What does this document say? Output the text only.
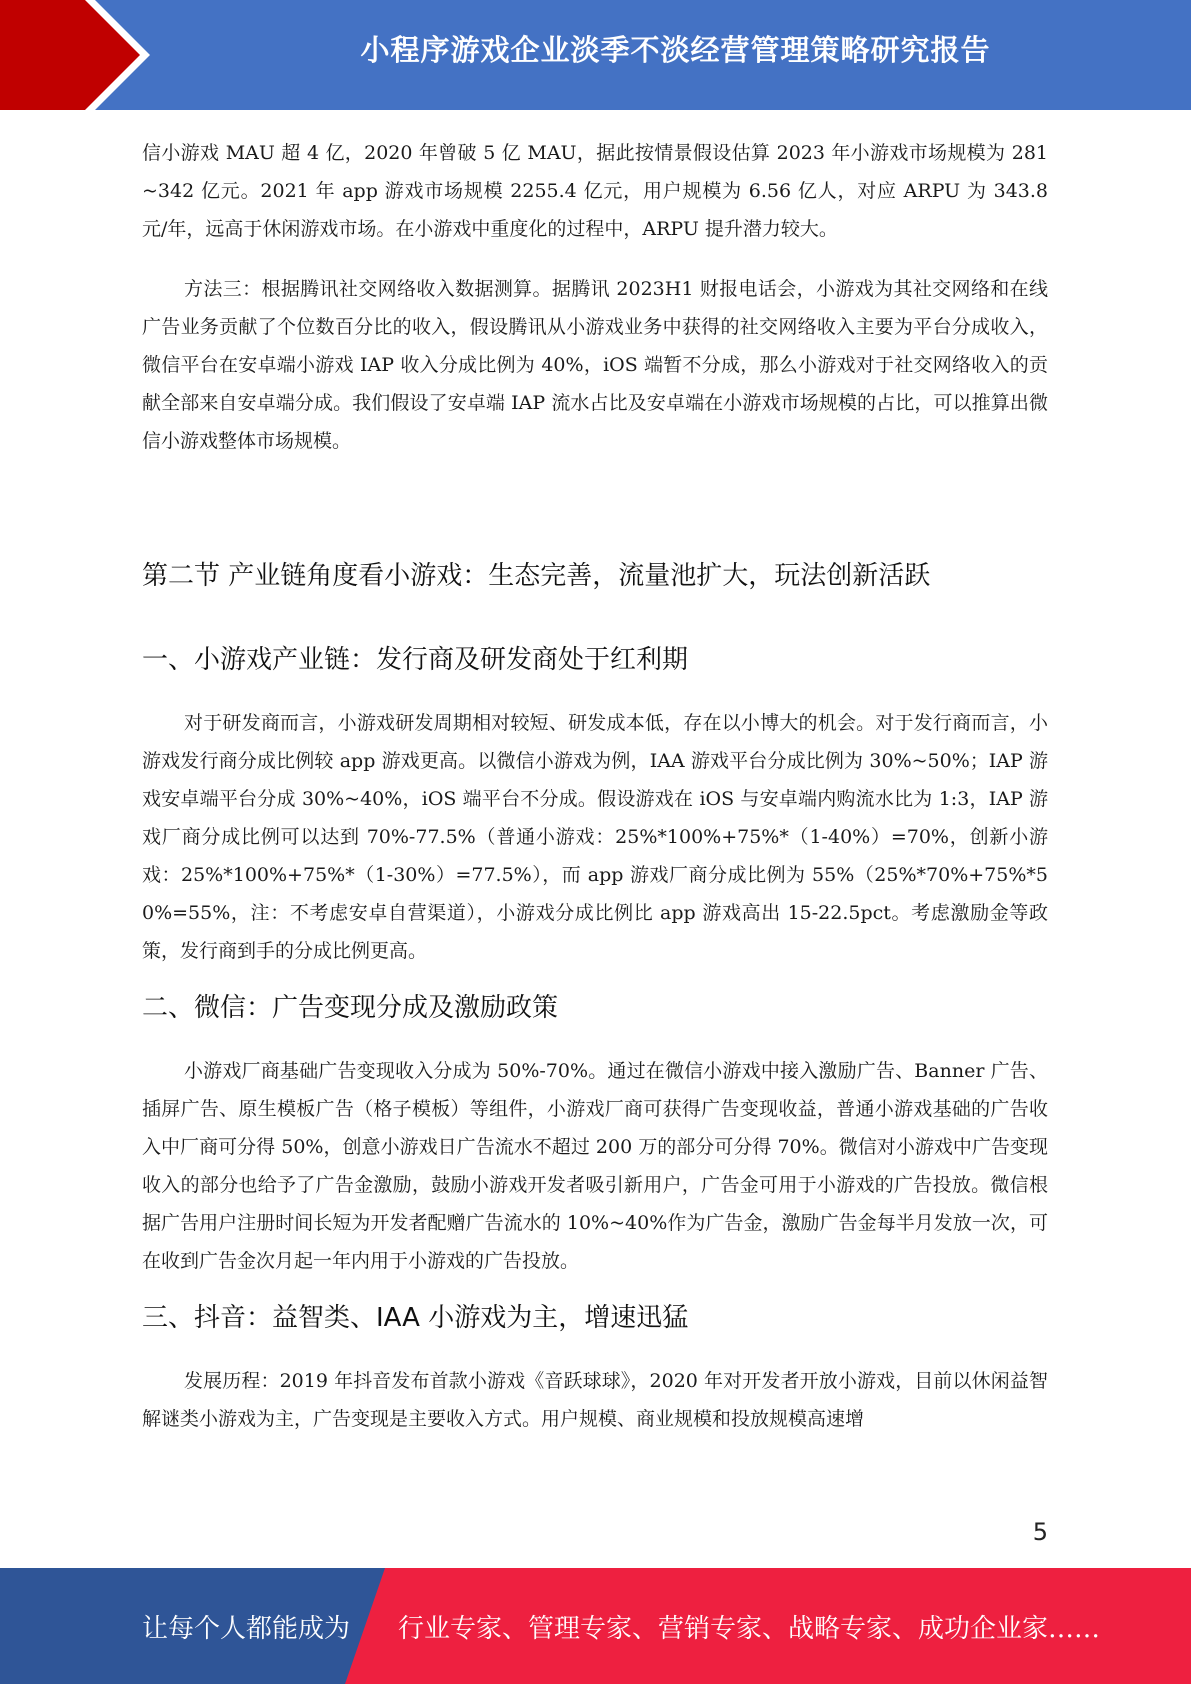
小程序游戏企业淡季不淡经营管理策略研究报告

信小游戏 MAU 超 4 亿，2020 年曾破 5 亿 MAU，据此按情景假设估算 2023 年小游戏市场规模为 281~342 亿元。2021 年 app 游戏市场规模 2255.4 亿元，用户规模为 6.56 亿人，对应 ARPU 为 343.8 元/年，远高于休闲游戏市场。在小游戏中重度化的过程中，ARPU 提升潜力较大。

方法三：根据腾讯社交网络收入数据测算。据腾讯 2023H1 财报电话会，小游戏为其社交网络和在线广告业务贡献了个位数百分比的收入，假设腾讯从小游戏业务中获得的社交网络收入主要为平台分成收入，微信平台在安卓端小游戏 IAP 收入分成比例为 40%，iOS 端暂不分成，那么小游戏对于社交网络收入的贡献全部来自安卓端分成。我们假设了安卓端 IAP 流水占比及安卓端在小游戏市场规模的占比，可以推算出微信小游戏整体市场规模。

第二节 产业链角度看小游戏：生态完善，流量池扩大，玩法创新活跃
一、小游戏产业链：发行商及研发商处于红利期

对于研发商而言，小游戏研发周期相对较短、研发成本低，存在以小博大的机会。对于发行商而言，小游戏发行商分成比例较 app 游戏更高。以微信小游戏为例，IAA 游戏平台分成比例为 30%~50%；IAP 游戏安卓端平台分成 30%~40%，iOS 端平台不分成。假设游戏在 iOS 与安卓端内购流水比为 1:3，IAP 游戏厂商分成比例可以达到 70%-77.5%（普通小游戏：25%*100%+75%*（1-40%）=70%，创新小游戏：25%*100%+75%*（1-30%）=77.5%），而 app 游戏厂商分成比例为 55%（25%*70%+75%*50%=55%，注：不考虑安卓自营渠道），小游戏分成比例比 app 游戏高出 15-22.5pct。考虑激励金等政策，发行商到手的分成比例更高。

二、微信：广告变现分成及激励政策

小游戏厂商基础广告变现收入分成为 50%-70%。通过在微信小游戏中接入激励广告、Banner 广告、插屏广告、原生模板广告（格子模板）等组件，小游戏厂商可获得广告变现收益，普通小游戏基础的广告收入中厂商可分得 50%，创意小游戏日广告流水不超过 200 万的部分可分得 70%。微信对小游戏中广告变现收入的部分也给予了广告金激励，鼓励小游戏开发者吸引新用户，广告金可用于小游戏的广告投放。微信根据广告用户注册时间长短为开发者配赠广告流水的 10%~40%作为广告金，激励广告金每半月发放一次，可在收到广告金次月起一年内用于小游戏的广告投放。

三、抖音：益智类、IAA 小游戏为主，增速迅猛

发展历程：2019 年抖音发布首款小游戏《音跃球球》，2020 年对开发者开放小游戏，目前以休闲益智解谜类小游戏为主，广告变现是主要收入方式。用户规模、商业规模和投放规模高速增

5
让每个人都能成为 行业专家、管理专家、营销专家、战略专家、成功企业家……
